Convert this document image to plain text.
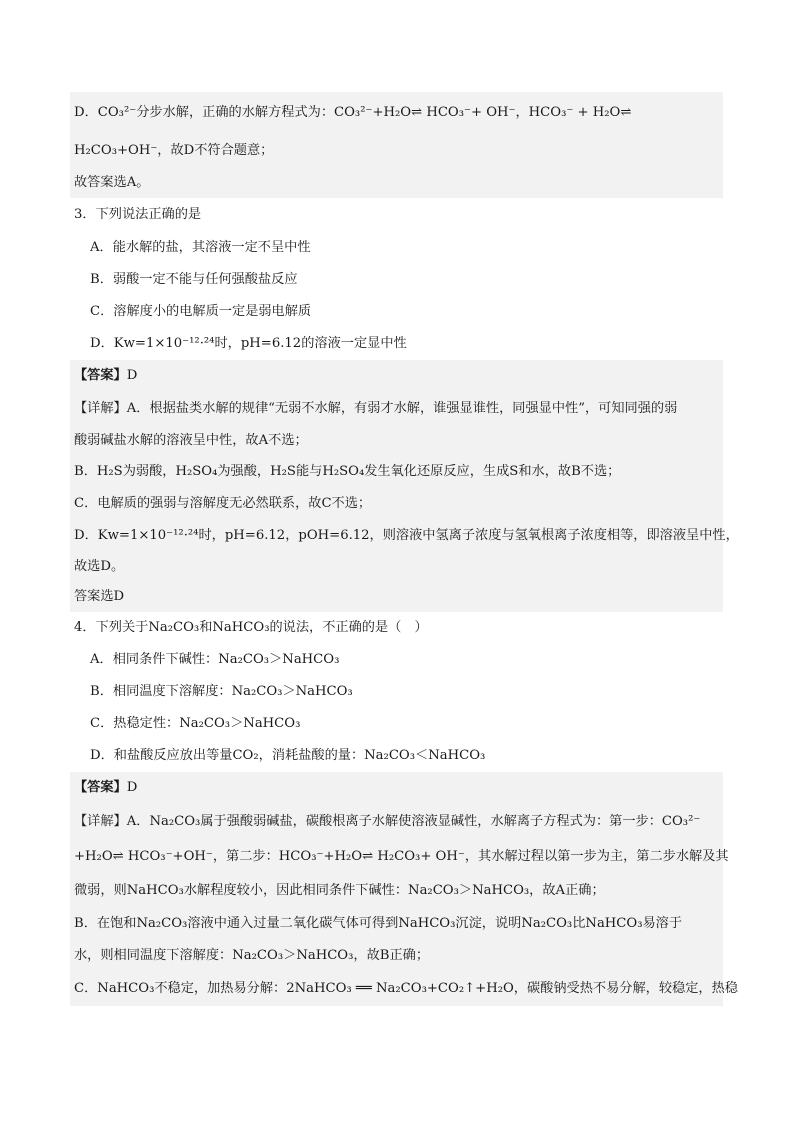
D．CO₃²⁻分步水解，正确的水解方程式为：CO₃²⁻+H₂O⇌ HCO₃⁻+ OH⁻，HCO₃⁻ + H₂O⇌
H₂CO₃+OH⁻，故D不符合题意；
故答案选A。
3．下列说法正确的是
A．能水解的盐，其溶液一定不呈中性
B．弱酸一定不能与任何强酸盐反应
C．溶解度小的电解质一定是弱电解质
D．Kw=1×10⁻¹²·²⁴时，pH=6.12的溶液一定显中性
【答案】D
【详解】A．根据盐类水解的规律“无弱不水解，有弱才水解，谁强显谁性，同强显中性”，可知同强的弱
酸弱碱盐水解的溶液呈中性，故A不选；
B．H₂S为弱酸，H₂SO₄为强酸，H₂S能与H₂SO₄发生氧化还原反应，生成S和水，故B不选；
C．电解质的强弱与溶解度无必然联系，故C不选；
D．Kw=1×10⁻¹²·²⁴时，pH=6.12，pOH=6.12，则溶液中氢离子浓度与氢氧根离子浓度相等，即溶液呈中性，
故选D。
答案选D
4．下列关于Na₂CO₃和NaHCO₃的说法，不正确的是（　）
A．相同条件下碱性：Na₂CO₃＞NaHCO₃
B．相同温度下溶解度：Na₂CO₃＞NaHCO₃
C．热稳定性：Na₂CO₃＞NaHCO₃
D．和盐酸反应放出等量CO₂，消耗盐酸的量：Na₂CO₃＜NaHCO₃
【答案】D
【详解】A．Na₂CO₃属于强酸弱碱盐，碳酸根离子水解使溶液显碱性，水解离子方程式为：第一步：CO₃²⁻
+H₂O⇌ HCO₃⁻+OH⁻，第二步：HCO₃⁻+H₂O⇌ H₂CO₃+ OH⁻，其水解过程以第一步为主，第二步水解及其
微弱，则NaHCO₃水解程度较小，因此相同条件下碱性：Na₂CO₃＞NaHCO₃，故A正确；
B．在饱和Na₂CO₃溶液中通入过量二氧化碳气体可得到NaHCO₃沉淀，说明Na₂CO₃比NaHCO₃易溶于
水，则相同温度下溶解度：Na₂CO₃＞NaHCO₃，故B正确；
C．NaHCO₃不稳定，加热易分解：2NaHCO₃ ══ Na₂CO₃+CO₂↑+H₂O，碳酸钠受热不易分解，较稳定，热稳
